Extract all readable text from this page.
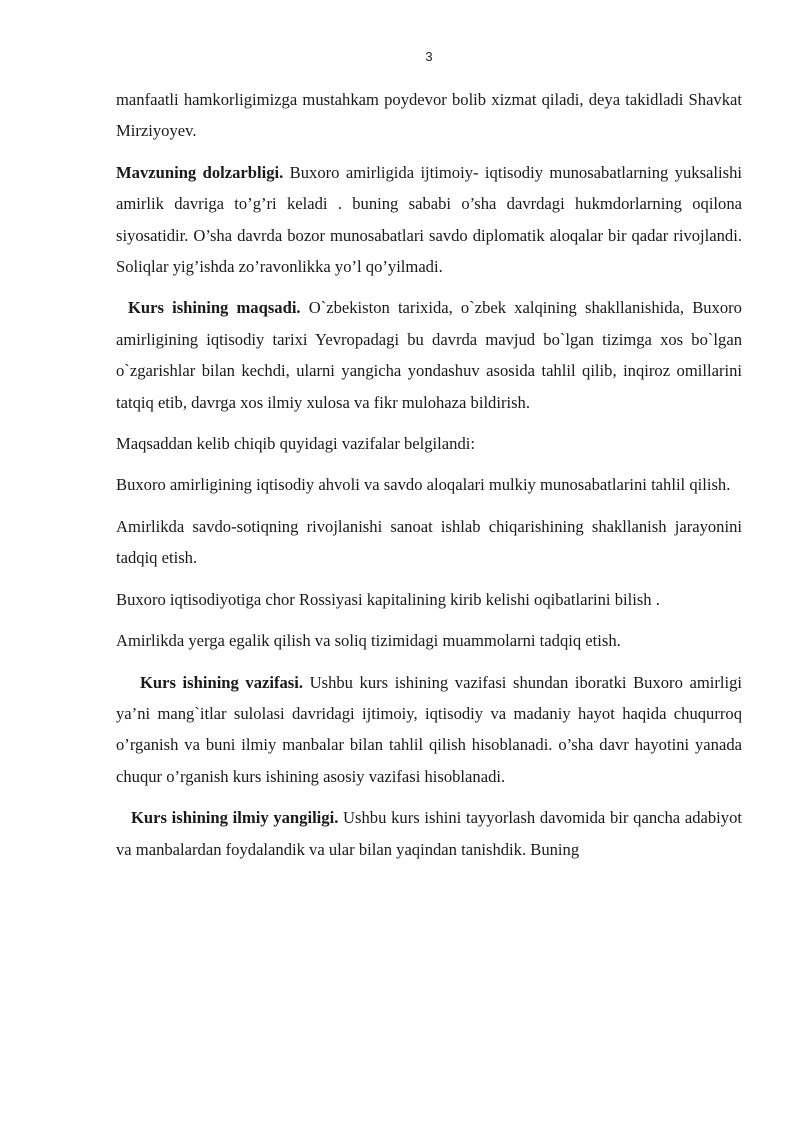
3

manfaatli hamkorligimizga mustahkam poydevor bolib xizmat qiladi, deya takidladi Shavkat Mirziyoyev.

Mavzuning dolzarbligi. Buxoro amirligida ijtimoiy- iqtisodiy munosabatlarning yuksalishi amirlik davriga to’g’ri keladi . buning sababi o’sha davrdagi hukmdorlarning oqilona siyosatidir. O’sha davrda bozor munosabatlari savdo diplomatik aloqalar bir qadar rivojlandi. Soliqlar yig’ishda zo’ravonlikka yo’l qo’yilmadi.

Kurs ishining maqsadi. O`zbekiston tarixida, o`zbek xalqining shakllanishida, Buxoro amirligining iqtisodiy tarixi Yevropadagi bu davrda mavjud bo`lgan tizimga xos bo`lgan o`zgarishlar bilan kechdi, ularni yangicha yondashuv asosida tahlil qilib, inqiroz omillarini tatqiq etib, davrga xos ilmiy xulosa va fikr mulohaza bildirish.

Maqsaddan kelib chiqib quyidagi vazifalar belgilandi:

Buxoro amirligining iqtisodiy ahvoli va savdo aloqalari mulkiy munosabatlarini tahlil qilish.

Amirlikda savdo-sotiqning rivojlanishi sanoat ishlab chiqarishining shakllanish jarayonini tadqiq etish.

Buxoro iqtisodiyotiga chor Rossiyasi kapitalining kirib kelishi oqibatlarini bilish .

Amirlikda yerga egalik qilish va soliq tizimidagi muammolarni tadqiq etish.

Kurs ishining vazifasi. Ushbu kurs ishining vazifasi shundan iboratki Buxoro amirligi ya’ni mang`itlar sulolasi davridagi ijtimoiy, iqtisodiy va madaniy hayot haqida chuqurroq o’rganish va buni ilmiy manbalar bilan tahlil qilish hisoblanadi. o’sha davr hayotini yanada chuqur o’rganish kurs ishining asosiy vazifasi hisoblanadi.

Kurs ishining ilmiy yangiligi. Ushbu kurs ishini tayyorlash davomida bir qancha adabiyot va manbalardan foydalandik va ular bilan yaqindan tanishdik. Buning
